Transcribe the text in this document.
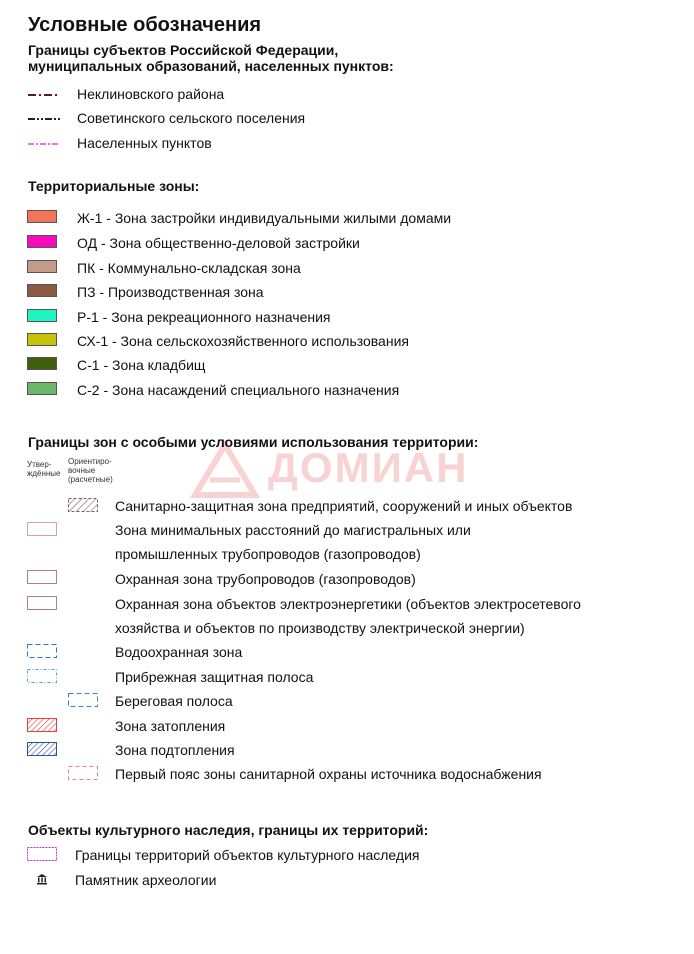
ДОМИАН
Условные обозначения
Границы субъектов Российской Федерации,
муниципальных образований, населенных пунктов:
Неклиновского района
Советинского сельского поселения
Населенных пунктов
Территориальные зоны:
Ж-1 - Зона застройки индивидуальными жилыми домами
ОД - Зона общественно-деловой застройки
ПК - Коммунально-складская зона
ПЗ - Производственная зона
Р-1 - Зона рекреационного назначения
СХ-1 - Зона сельскохозяйственного использования
С-1 - Зона кладбищ
С-2 - Зона насаждений специального назначения
Границы зон с особыми условиями использования территории:
Утвер-ждённые
Ориентиро-вочные (расчетные)
Санитарно-защитная зона предприятий, сооружений и иных объектов
Зона минимальных расстояний до магистральных или
промышленных трубопроводов (газопроводов)
Охранная зона трубопроводов (газопроводов)
Охранная зона объектов электроэнергетики (объектов электросетевого
хозяйства и объектов по производству электрической энергии)
Водоохранная зона
Прибрежная защитная полоса
Береговая полоса
Зона затопления
Зона подтопления
Первый пояс зоны санитарной охраны источника водоснабжения
Объекты культурного наследия, границы их территорий:
Границы территорий объектов культурного наследия
Памятник археологии
